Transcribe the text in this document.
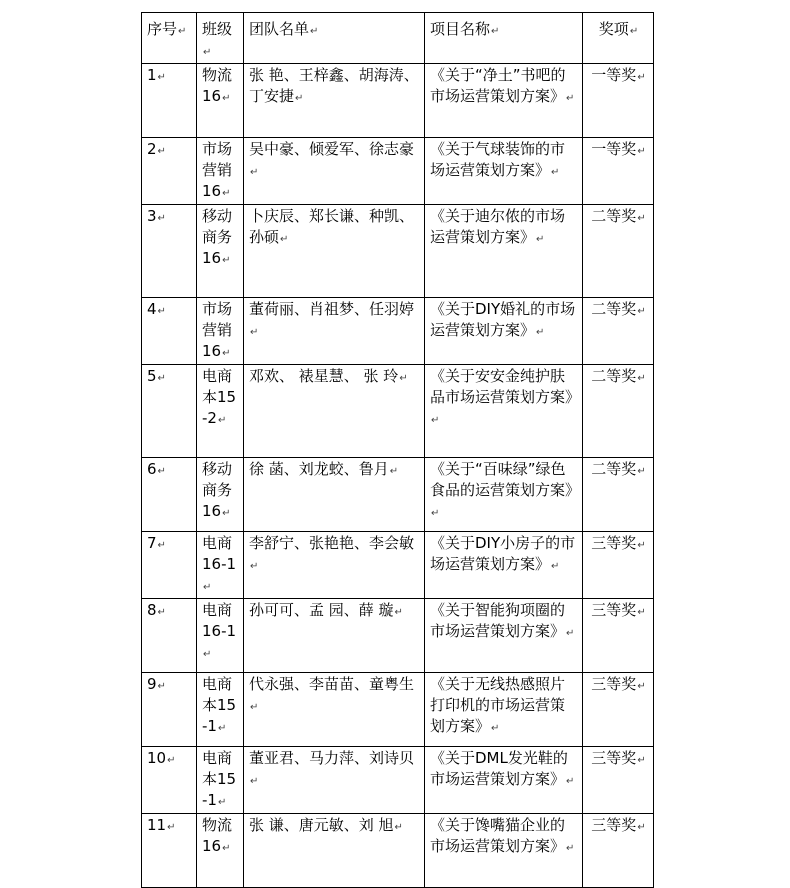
序号↵	班级↵	团队名单↵	项目名称↵	奖项↵
1↵	物流16↵	张 艳、王梓鑫、胡海涛、丁安捷↵	《关于“净土”书吧的市场运营策划方案》↵	一等奖↵
2↵	市场营销16↵	吴中豪、倾爱军、徐志豪↵	《关于气球装饰的市场运营策划方案》↵	一等奖↵
3↵	移动商务16↵	卜庆辰、郑长谦、种凯、孙硕↵	《关于迪尔侬的市场运营策划方案》↵	二等奖↵
4↵	市场营销16↵	董荷丽、肖祖梦、任羽婷↵	《关于DIY婚礼的市场运营策划方案》↵	二等奖↵
5↵	电商本15-2↵	邓欢、 裱星慧、 张 玲↵	《关于安安金纯护肤品市场运营策划方案》↵	二等奖↵
6↵	移动商务16↵	徐 菡、刘龙蛟、鲁月↵	《关于“百味绿”绿色食品的运营策划方案》↵	二等奖↵
7↵	电商16-1↵	李舒宁、张艳艳、李会敏↵	《关于DIY小房子的市场运营策划方案》↵	三等奖↵
8↵	电商16-1↵	孙可可、孟 园、薛 璇↵	《关于智能狗项圈的市场运营策划方案》↵	三等奖↵
9↵	电商本15-1↵	代永强、李苗苗、童粤生↵	《关于无线热感照片打印机的市场运营策划方案》↵	三等奖↵
10↵	电商本15-1↵	董亚君、马力萍、刘诗贝↵	《关于DML发光鞋的市场运营策划方案》↵	三等奖↵
11↵	物流16↵	张 谦、唐元敏、刘 旭↵	《关于馋嘴猫企业的市场运营策划方案》↵	三等奖↵
